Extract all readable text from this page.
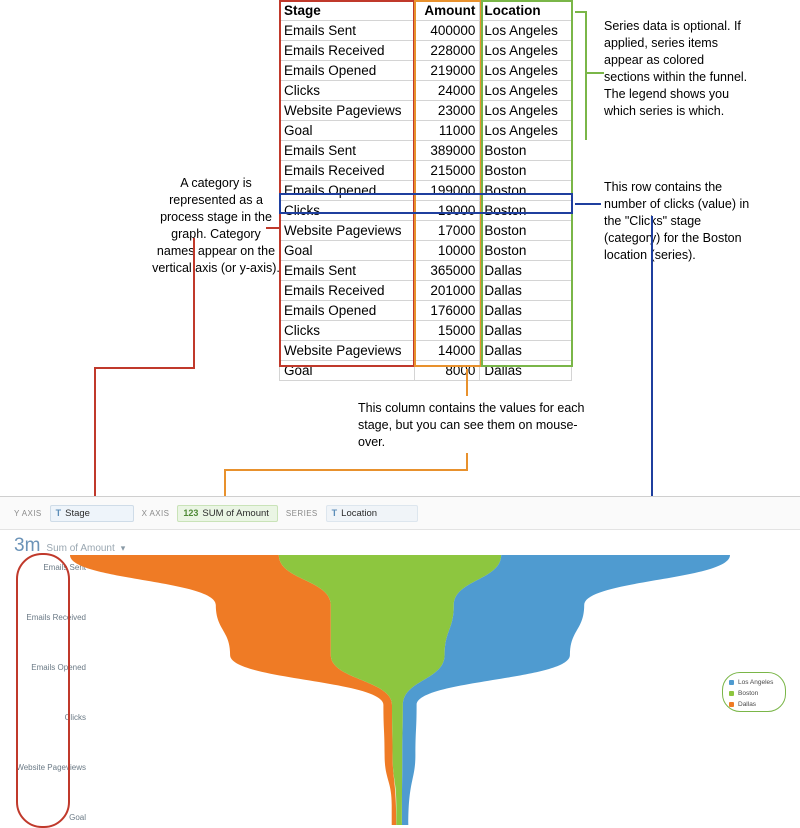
Stage	Amount	Location
Emails Sent	400000	Los Angeles
Emails Received	228000	Los Angeles
Emails Opened	219000	Los Angeles
Clicks	24000	Los Angeles
Website Pageviews	23000	Los Angeles
Goal	11000	Los Angeles
Emails Sent	389000	Boston
Emails Received	215000	Boston
Emails Opened	199000	Boston
Clicks	19000	Boston
Website Pageviews	17000	Boston
Goal	10000	Boston
Emails Sent	365000	Dallas
Emails Received	201000	Dallas
Emails Opened	176000	Dallas
Clicks	15000	Dallas
Website Pageviews	14000	Dallas
Goal	8000	Dallas
A category is represented as a process stage in the graph. Category names appear on the vertical axis (or y-axis).
Series data is optional. If applied, series items appear as colored sections within the funnel. The legend shows you which series is which.
This row contains the number of clicks (value) in the "Clicks" stage (category) for the Boston location (series).
This column contains the values for each stage, but you can see them on mouse-over.
Y AXIS T Stage	X AXIS 123 SUM of Amount SERIES T Location
3m Sum of Amount ▾
Emails Sent
Emails Received
Emails Opened
Clicks
Website Pageviews
Goal
Los Angeles
Boston
Dallas
